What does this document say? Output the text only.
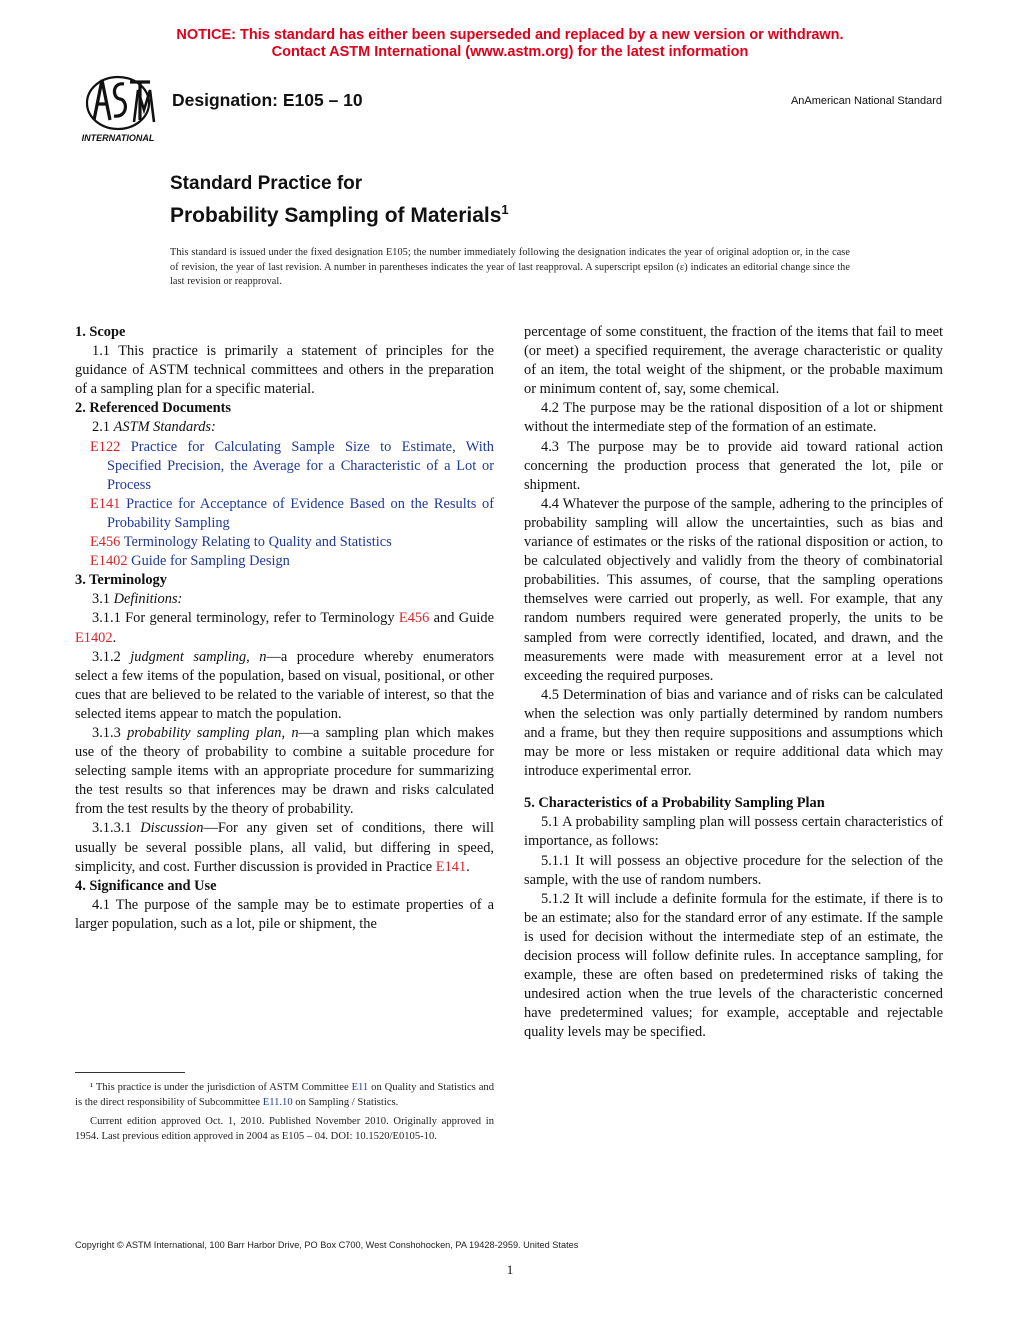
NOTICE: This standard has either been superseded and replaced by a new version or withdrawn.
Contact ASTM International (www.astm.org) for the latest information
INTERNATIONAL
Designation: E105 – 10	AnAmerican National Standard
Standard Practice for
Probability Sampling of Materials$^1$
This standard is issued under the fixed designation E105; the number immediately following the designation indicates the year of original adoption or, in the case of revision, the year of last revision. A number in parentheses indicates the year of last reapproval. A superscript epsilon (ε) indicates an editorial change since the last revision or reapproval.

1. Scope

1.1 This practice is primarily a statement of principles for the guidance of ASTM technical committees and others in the preparation of a sampling plan for a specific material.

2. Referenced Documents

2.1 ASTM Standards:

E122 Practice for Calculating Sample Size to Estimate, With Specified Precision, the Average for a Characteristic of a Lot or Process

E141 Practice for Acceptance of Evidence Based on the Results of Probability Sampling

E456 Terminology Relating to Quality and Statistics

E1402 Guide for Sampling Design

3. Terminology

3.1 Definitions:

3.1.1 For general terminology, refer to Terminology E456 and Guide E1402.

3.1.2 judgment sampling, n—a procedure whereby enumerators select a few items of the population, based on visual, positional, or other cues that are believed to be related to the variable of interest, so that the selected items appear to match the population.

3.1.3 probability sampling plan, n—a sampling plan which makes use of the theory of probability to combine a suitable procedure for selecting sample items with an appropriate procedure for summarizing the test results so that inferences may be drawn and risks calculated from the test results by the theory of probability.

3.1.3.1 Discussion—For any given set of conditions, there will usually be several possible plans, all valid, but differing in speed, simplicity, and cost. Further discussion is provided in Practice E141.

4. Significance and Use

4.1 The purpose of the sample may be to estimate properties of a larger population, such as a lot, pile or shipment, the

percentage of some constituent, the fraction of the items that fail to meet (or meet) a specified requirement, the average characteristic or quality of an item, the total weight of the shipment, or the probable maximum or minimum content of, say, some chemical.

4.2 The purpose may be the rational disposition of a lot or shipment without the intermediate step of the formation of an estimate.

4.3 The purpose may be to provide aid toward rational action concerning the production process that generated the lot, pile or shipment.

4.4 Whatever the purpose of the sample, adhering to the principles of probability sampling will allow the uncertainties, such as bias and variance of estimates or the risks of the rational disposition or action, to be calculated objectively and validly from the theory of combinatorial probabilities. This assumes, of course, that the sampling operations themselves were carried out properly, as well. For example, that any random numbers required were generated properly, the units to be sampled from were correctly identified, located, and drawn, and the measurements were made with measurement error at a level not exceeding the required purposes.

4.5 Determination of bias and variance and of risks can be calculated when the selection was only partially determined by random numbers and a frame, but they then require suppositions and assumptions which may be more or less mistaken or require additional data which may introduce experimental error.

5. Characteristics of a Probability Sampling Plan

5.1 A probability sampling plan will possess certain characteristics of importance, as follows:

5.1.1 It will possess an objective procedure for the selection of the sample, with the use of random numbers.

5.1.2 It will include a definite formula for the estimate, if there is to be an estimate; also for the standard error of any estimate. If the sample is used for decision without the intermediate step of an estimate, the decision process will follow definite rules. In acceptance sampling, for example, these are often based on predetermined risks of taking the undesired action when the true levels of the characteristic concerned have predetermined values; for example, acceptable and rejectable quality levels may be specified.

¹ This practice is under the jurisdiction of ASTM Committee E11 on Quality and Statistics and is the direct responsibility of Subcommittee E11.10 on Sampling / Statistics.

Current edition approved Oct. 1, 2010. Published November 2010. Originally approved in 1954. Last previous edition approved in 2004 as E105 – 04. DOI: 10.1520/E0105-10.

Copyright © ASTM International, 100 Barr Harbor Drive, PO Box C700, West Conshohocken, PA 19428-2959. United States
1
